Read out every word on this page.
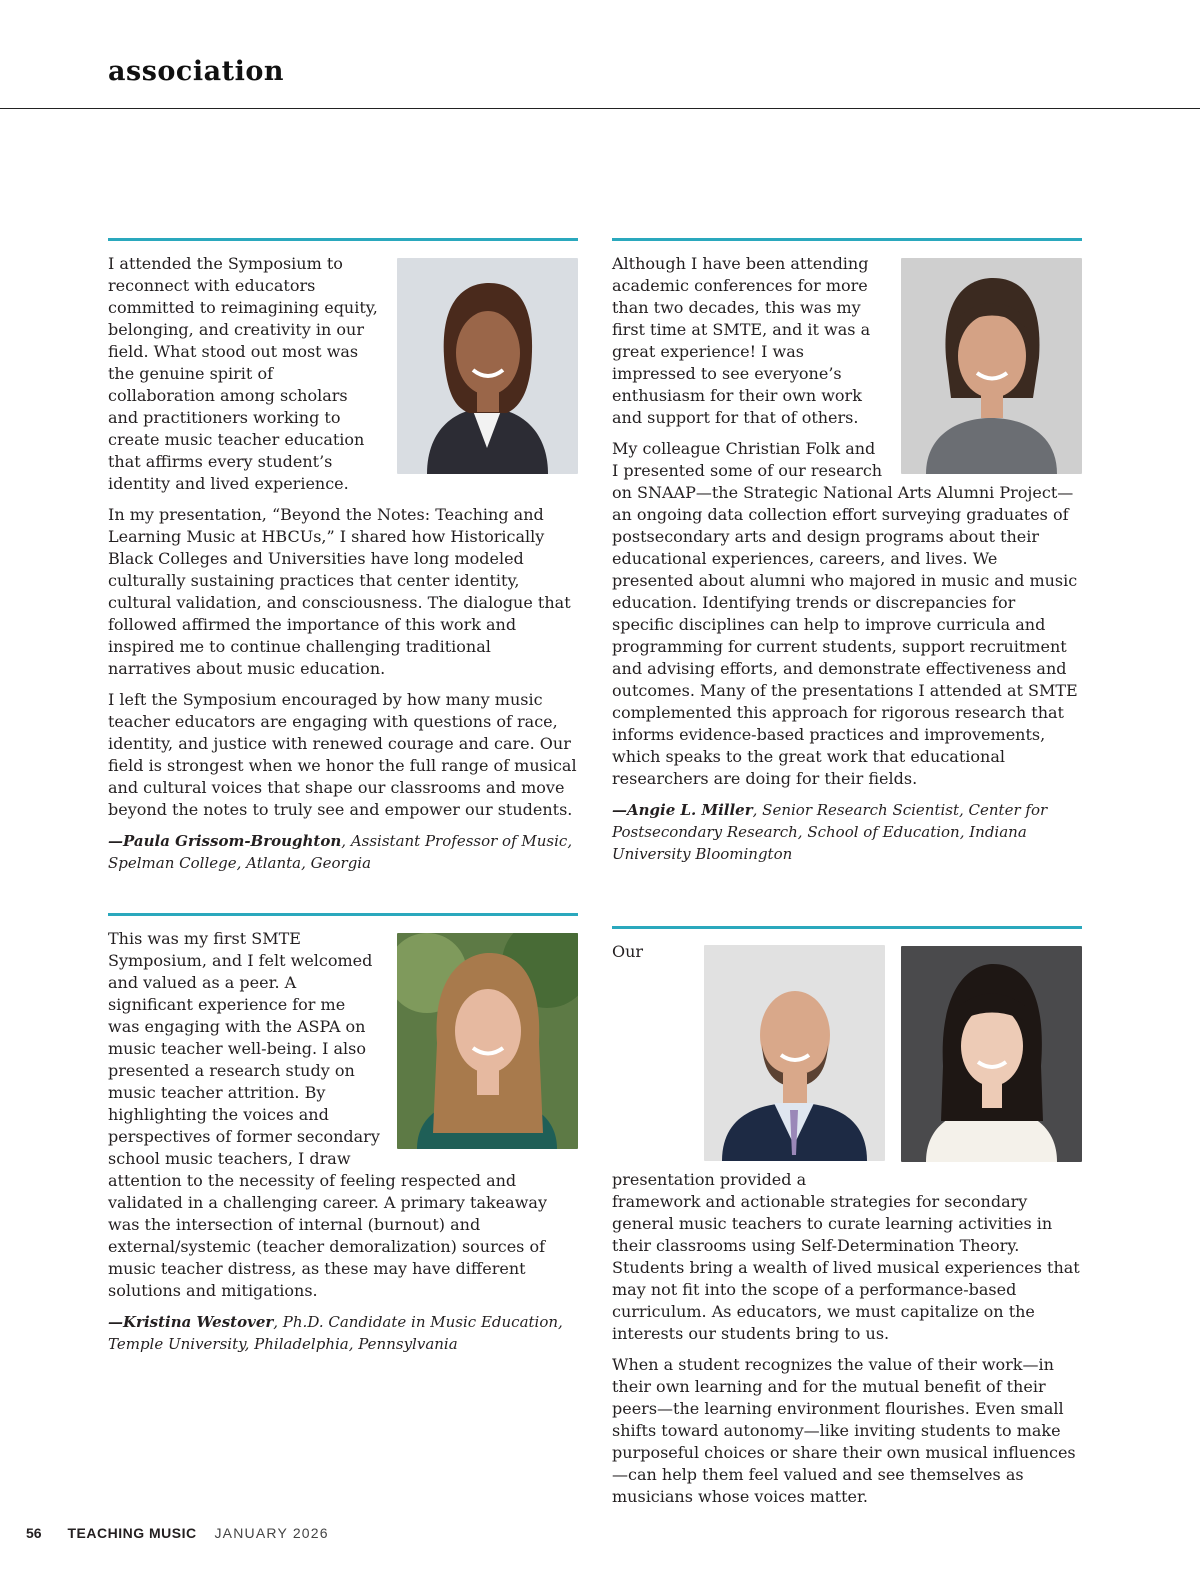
association

I attended the Symposium to reconnect with educators committed to reimagining equity, belonging, and creativity in our field. What stood out most was the genuine spirit of collaboration among scholars and practitioners working to create music teacher education that affirms every student’s identity and lived experience.

In my presentation, “Beyond the Notes: Teaching and Learning Music at HBCUs,” I shared how Historically Black Colleges and Universities have long modeled culturally sustaining practices that center identity, cultural validation, and consciousness. The dialogue that followed affirmed the importance of this work and inspired me to continue challenging traditional narratives about music education.

I left the Symposium encouraged by how many music teacher educators are engaging with questions of race, identity, and justice with renewed courage and care. Our field is strongest when we honor the full range of musical and cultural voices that shape our classrooms and move beyond the notes to truly see and empower our students.

—Paula Grissom-Broughton, Assistant Professor of Music, Spelman College, Atlanta, Georgia

Although I have been attending academic conferences for more than two decades, this was my first time at SMTE, and it was a great experience! I was impressed to see everyone’s enthusiasm for their own work and support for that of others.

My colleague Christian Folk and I presented some of our research on SNAAP—the Strategic National Arts Alumni Project—an ongoing data collection effort surveying graduates of postsecondary arts and design programs about their educational experiences, careers, and lives. We presented about alumni who majored in music and music education. Identifying trends or discrepancies for specific disciplines can help to improve curricula and programming for current students, support recruitment and advising efforts, and demonstrate effectiveness and outcomes. Many of the presentations I attended at SMTE complemented this approach for rigorous research that informs evidence-based practices and improvements, which speaks to the great work that educational researchers are doing for their fields.

—Angie L. Miller, Senior Research Scientist, Center for Postsecondary Research, School of Education, Indiana University Bloomington

This was my first SMTE Symposium, and I felt welcomed and valued as a peer. A significant experience for me was engaging with the ASPA on music teacher well-being. I also presented a research study on music teacher attrition. By highlighting the voices and perspectives of former secondary school music teachers, I draw attention to the necessity of feeling respected and validated in a challenging career. A primary takeaway was the intersection of internal (burnout) and external/systemic (teacher demoralization) sources of music teacher distress, as these may have different solutions and mitigations.

—Kristina Westover, Ph.D. Candidate in Music Education, Temple University, Philadelphia, Pennsylvania

Our presentation provided a framework and actionable strategies for secondary general music teachers to curate learning activities in their classrooms using Self-Determination Theory. Students bring a wealth of lived musical experiences that may not fit into the scope of a performance-based curriculum. As educators, we must capitalize on the interests our students bring to us.

When a student recognizes the value of their work—in their own learning and for the mutual benefit of their peers—the learning environment flourishes. Even small shifts toward autonomy—like inviting students to make purposeful choices or share their own musical influences—can help them feel valued and see themselves as musicians whose voices matter.

56 TEACHING MUSIC JANUARY 2026
